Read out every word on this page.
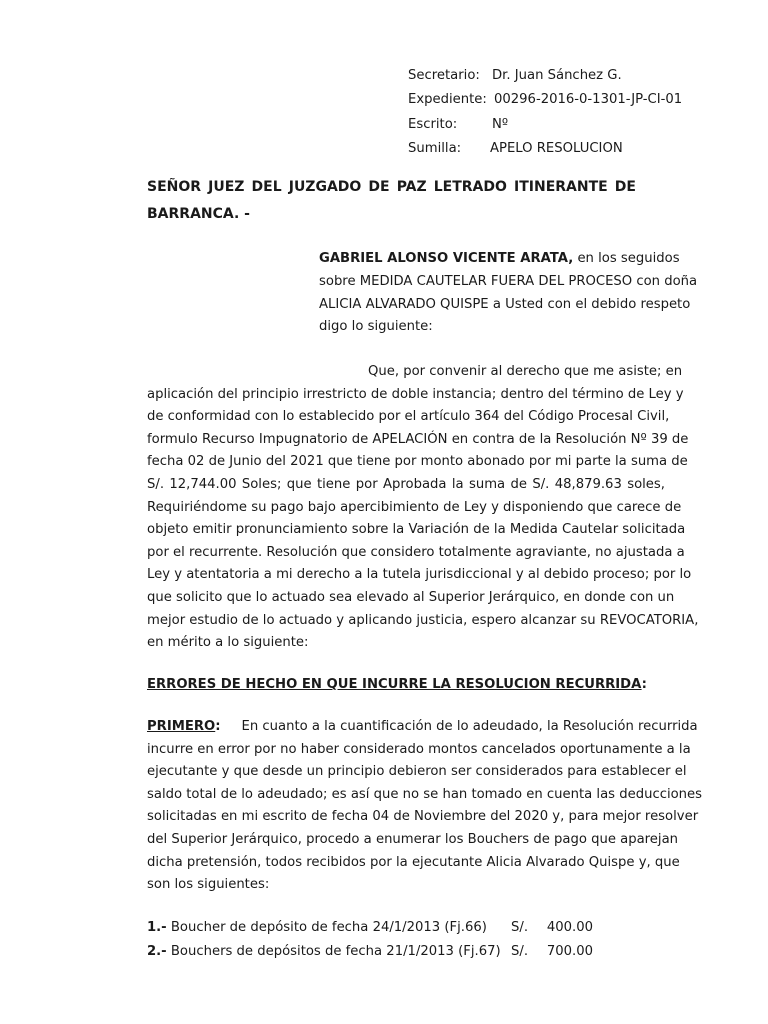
Secretario: Dr. Juan Sánchez G.
Expediente: 00296-2016-0-1301-JP-CI-01
Escrito:	Nº
Sumilla: APELO RESOLUCION
SEÑOR JUEZ DEL JUZGADO DE PAZ LETRADO ITINERANTE DE
BARRANCA. -
GABRIEL ALONSO VICENTE ARATA, en los seguidos
sobre MEDIDA CAUTELAR FUERA DEL PROCESO con doña
ALICIA ALVARADO QUISPE a Usted con el debido respeto
digo lo siguiente:
Que, por convenir al derecho que me asiste; en
aplicación del principio irrestricto de doble instancia; dentro del término de Ley y
de conformidad con lo establecido por el artículo 364 del Código Procesal Civil,
formulo Recurso Impugnatorio de APELACIÓN en contra de la Resolución Nº 39 de
fecha 02 de Junio del 2021 que tiene por monto abonado por mi parte la suma de
S/. 12,744.00 Soles; que tiene por Aprobada la suma de S/. 48,879.63 soles,
Requiriéndome su pago bajo apercibimiento de Ley y disponiendo que carece de
objeto emitir pronunciamiento sobre la Variación de la Medida Cautelar solicitada
por el recurrente. Resolución que considero totalmente agraviante, no ajustada a
Ley y atentatoria a mi derecho a la tutela jurisdiccional y al debido proceso; por lo
que solicito que lo actuado sea elevado al Superior Jerárquico, en donde con un
mejor estudio de lo actuado y aplicando justicia, espero alcanzar su REVOCATORIA,
en mérito a lo siguiente:
ERRORES DE HECHO EN QUE INCURRE LA RESOLUCION RECURRIDA:
PRIMERO: En cuanto a la cuantificación de lo adeudado, la Resolución recurrida
incurre en error por no haber considerado montos cancelados oportunamente a la
ejecutante y que desde un principio debieron ser considerados para establecer el
saldo total de lo adeudado; es así que no se han tomado en cuenta las deducciones
solicitadas en mi escrito de fecha 04 de Noviembre del 2020 y, para mejor resolver
del Superior Jerárquico, procedo a enumerar los Bouchers de pago que aparejan
dicha pretensión, todos recibidos por la ejecutante Alicia Alvarado Quispe y, que
son los siguientes:
1.- Boucher de depósito de fecha 24/1/2013 (Fj.66) S/.	400.00
2.- Bouchers de depósitos de fecha 21/1/2013 (Fj.67) S/.	700.00
